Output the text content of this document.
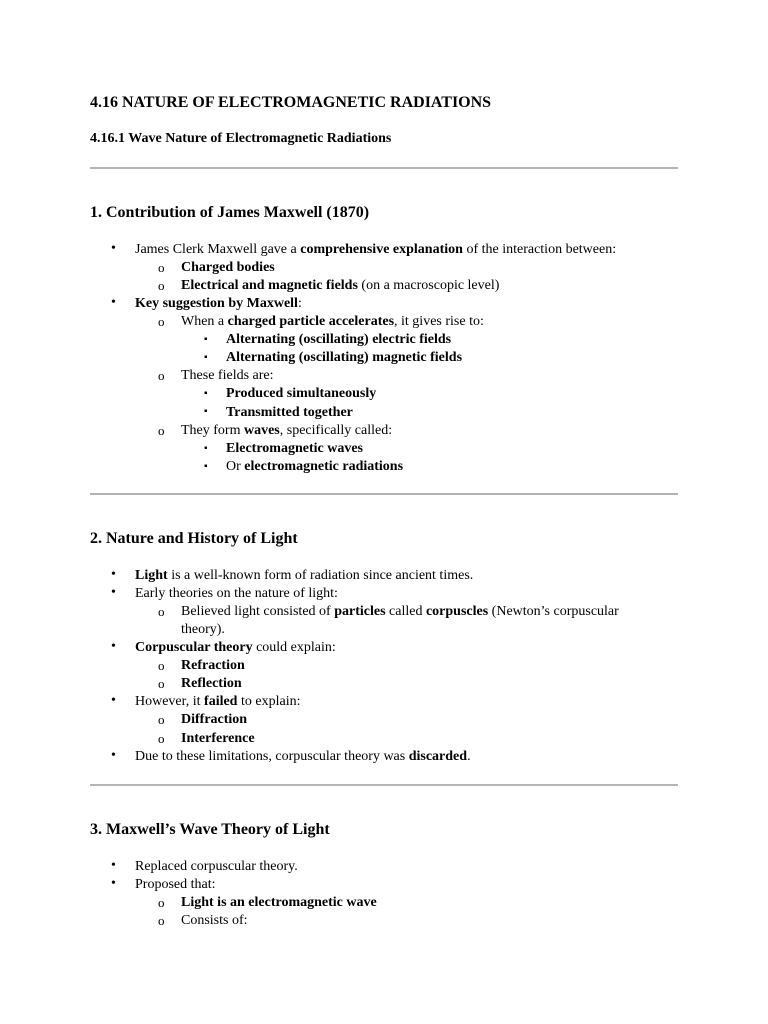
4.16 NATURE OF ELECTROMAGNETIC RADIATIONS
4.16.1 Wave Nature of Electromagnetic Radiations
1. Contribution of James Maxwell (1870)
• James Clerk Maxwell gave a comprehensive explanation of the interaction between:
o Charged bodies
o Electrical and magnetic fields (on a macroscopic level)
• Key suggestion by Maxwell:
o When a charged particle accelerates, it gives rise to:
▪ Alternating (oscillating) electric fields
▪ Alternating (oscillating) magnetic fields
o These fields are:
▪ Produced simultaneously
▪ Transmitted together
o They form waves, specifically called:
▪ Electromagnetic waves
▪ Or electromagnetic radiations
2. Nature and History of Light
• Light is a well-known form of radiation since ancient times.
• Early theories on the nature of light:
o Believed light consisted of particles called corpuscles (Newton’s corpuscular
theory).
• Corpuscular theory could explain:
o Refraction
o Reflection
• However, it failed to explain:
o Diffraction
o Interference
• Due to these limitations, corpuscular theory was discarded.
3. Maxwell’s Wave Theory of Light
• Replaced corpuscular theory.
• Proposed that:
o Light is an electromagnetic wave
o Consists of:
